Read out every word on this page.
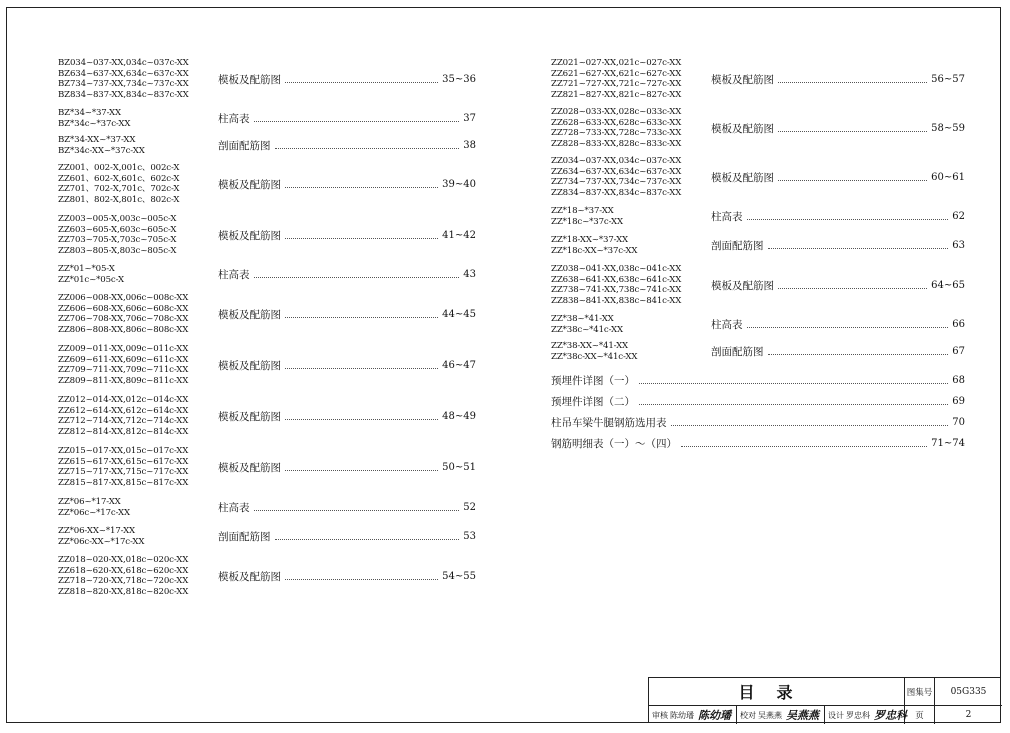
BZ034~037-XX,034c~037c-XX
BZ634~637-XX,634c~637c-XX
BZ734~737-XX,734c~737c-XX
BZ834~837-XX,834c~837c-XX
模板及配筋图	35~36
BZ*34~*37-XX
BZ*34c~*37c-XX	柱高表	37
BZ*34-XX~*37-XX
BZ*34c-XX~*37c-XX	剖面配筋图	38
ZZ001、002-X,001c、002c-X
ZZ601、602-X,601c、602c-X
ZZ701、702-X,701c、702c-X
ZZ801、802-X,801c、802c-X
模板及配筋图	39~40
ZZ003~005-X,003c~005c-X
ZZ603~605-X,603c~605c-X
ZZ703~705-X,703c~705c-X
ZZ803~805-X,803c~805c-X
模板及配筋图	41~42
ZZ*01~*05-X
ZZ*01c~*05c-X	柱高表	43
ZZ006~008-XX,006c~008c-XX
ZZ606~608-XX,606c~608c-XX
ZZ706~708-XX,706c~708c-XX
ZZ806~808-XX,806c~808c-XX
模板及配筋图	44~45
ZZ009~011-XX,009c~011c-XX
ZZ609~611-XX,609c~611c-XX
ZZ709~711-XX,709c~711c-XX
ZZ809~811-XX,809c~811c-XX
模板及配筋图	46~47
ZZ012~014-XX,012c~014c-XX
ZZ612~614-XX,612c~614c-XX
ZZ712~714-XX,712c~714c-XX
ZZ812~814-XX,812c~814c-XX
模板及配筋图	48~49
ZZ015~017-XX,015c~017c-XX
ZZ615~617-XX,615c~617c-XX
ZZ715~717-XX,715c~717c-XX
ZZ815~817-XX,815c~817c-XX
模板及配筋图	50~51
ZZ*06~*17-XX
ZZ*06c~*17c-XX	柱高表	52
ZZ*06-XX~*17-XX
ZZ*06c-XX~*17c-XX	剖面配筋图	53
ZZ018~020-XX,018c~020c-XX
ZZ618~620-XX,618c~620c-XX
ZZ718~720-XX,718c~720c-XX
ZZ818~820-XX,818c~820c-XX
模板及配筋图	54~55
ZZ021~027-XX,021c~027c-XX
ZZ621~627-XX,621c~627c-XX
ZZ721~727-XX,721c~727c-XX
ZZ821~827-XX,821c~827c-XX
模板及配筋图	56~57
ZZ028~033-XX,028c~033c-XX
ZZ628~633-XX,628c~633c-XX
ZZ728~733-XX,728c~733c-XX
ZZ828~833-XX,828c~833c-XX
模板及配筋图	58~59
ZZ034~037-XX,034c~037c-XX
ZZ634~637-XX,634c~637c-XX
ZZ734~737-XX,734c~737c-XX
ZZ834~837-XX,834c~837c-XX
模板及配筋图	60~61
ZZ*18~*37-XX
ZZ*18c~*37c-XX	柱高表	62
ZZ*18-XX~*37-XX
ZZ*18c-XX~*37c-XX	剖面配筋图	63
ZZ038~041-XX,038c~041c-XX
ZZ638~641-XX,638c~641c-XX
ZZ738~741-XX,738c~741c-XX
ZZ838~841-XX,838c~841c-XX
模板及配筋图	64~65
ZZ*38~*41-XX
ZZ*38c~*41c-XX	柱高表	66
ZZ*38-XX~*41-XX
ZZ*38c-XX~*41c-XX	剖面配筋图	67
预埋件详图（一）	68
预埋件详图（二）	69
柱吊车梁牛腿钢筋选用表	70
钢筋明细表（一）～（四）	71~74
目录	图集号	05G335
审核 陈幼璠 陈幼璠	校对 吴燕燕 吴燕燕	设计 罗忠科 罗忠科 页	2
